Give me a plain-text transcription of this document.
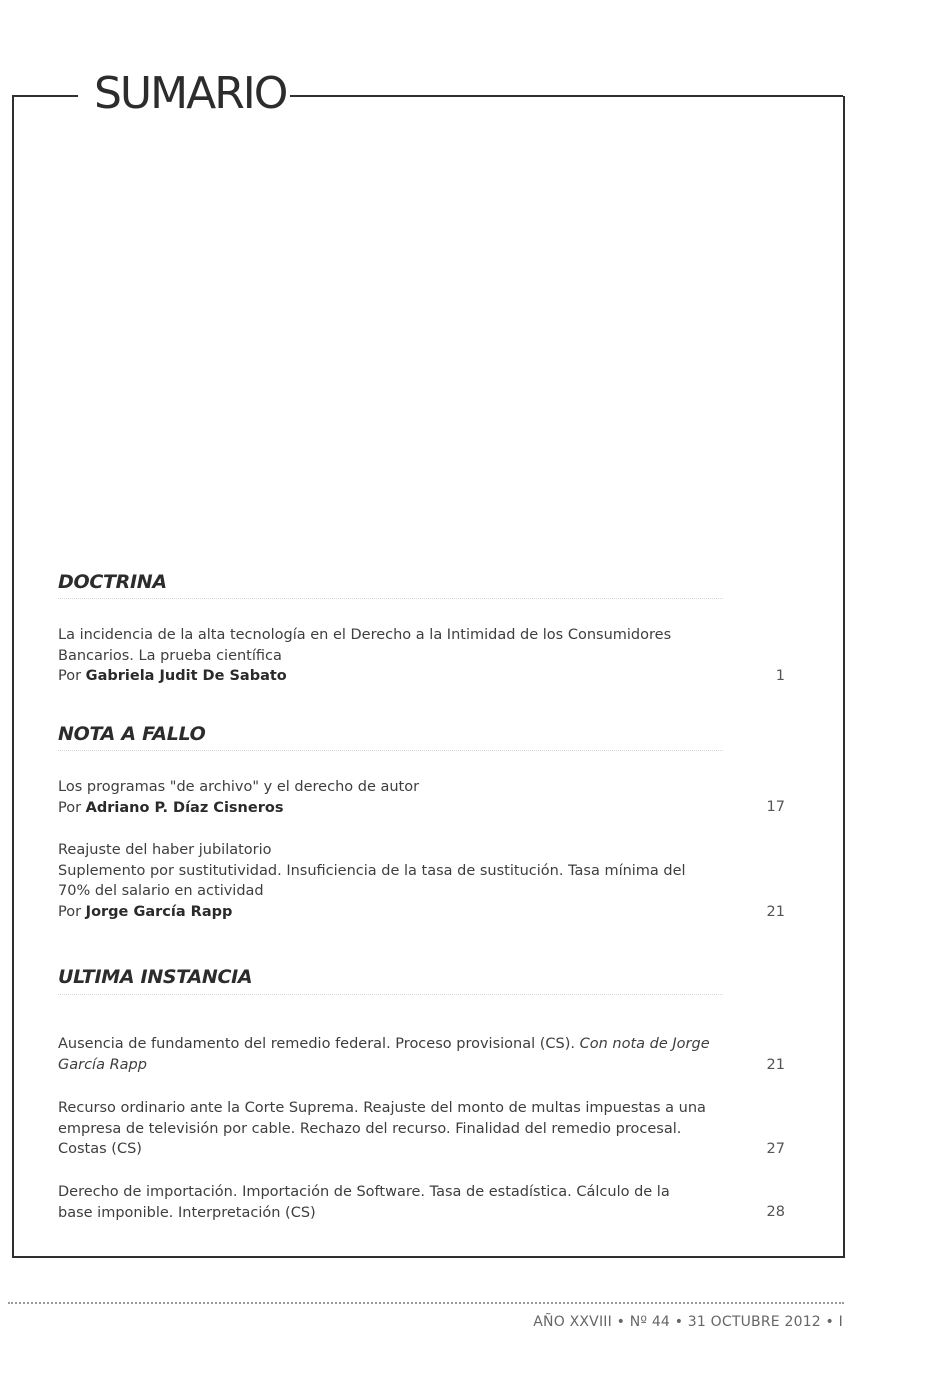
SUMARIO
DOCTRINA
La incidencia de la alta tecnología en el Derecho a la Intimidad de los Consumidores
Bancarios. La prueba científica
Por Gabriela Judit De Sabato	1
NOTA A FALLO
Los programas "de archivo" y el derecho de autor
Por Adriano P. Díaz Cisneros	17
Reajuste del haber jubilatorio
Suplemento por sustitutividad. Insuficiencia de la tasa de sustitución. Tasa mínima del
70% del salario en actividad
Por Jorge García Rapp	21
ULTIMA INSTANCIA
Ausencia de fundamento del remedio federal. Proceso provisional (CS). Con nota de Jorge
García Rapp	21
Recurso ordinario ante la Corte Suprema. Reajuste del monto de multas impuestas a una
empresa de televisión por cable. Rechazo del recurso. Finalidad del remedio procesal.
Costas (CS)	27
Derecho de importación. Importación de Software. Tasa de estadística. Cálculo de la
base imponible. Interpretación (CS)	28
AÑO XXVIII • Nº 44 • 31 OCTUBRE 2012 • I
